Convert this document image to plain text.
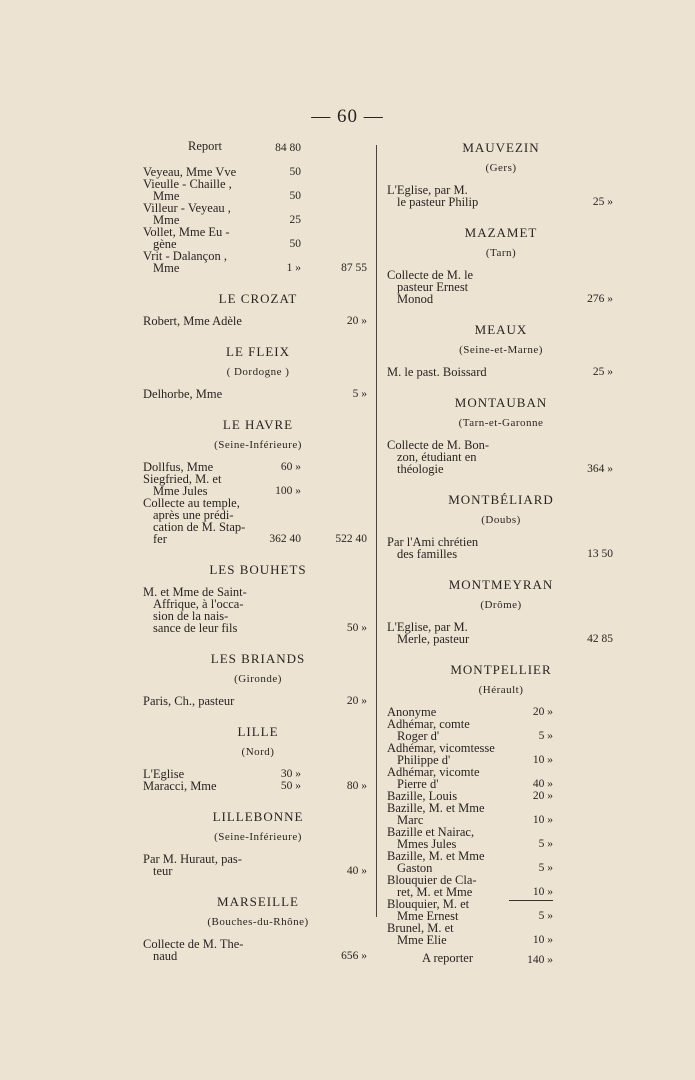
— 60 —
Report	84 80
Veyeau, Mme Vve	50
Vieulle - Chaille ,
Mme	50
Villeur - Veyeau ,
Mme	25
Vollet, Mme Eu -
gène	50
Vrit - Dalançon ,
Mme	1 »	87 55
LE CROZAT
Robert, Mme Adèle	20 »
LE FLEIX
( Dordogne )
Delhorbe, Mme	5 »
LE HAVRE
(Seine-Inférieure)
Dollfus, Mme	60 »
Siegfried, M. et
Mme Jules	100 »
Collecte au temple,
après une prédi-
cation de M. Stap-
fer	362 40	522 40
LES BOUHETS
M. et Mme de Saint-
Affrique, à l'occa-
sion de la nais-
sance de leur fils	50 »
LES BRIANDS
(Gironde)
Paris, Ch., pasteur	20 »
LILLE
(Nord)
L'Eglise	30 »
Maracci, Mme	50 »	80 »
LILLEBONNE
(Seine-Inférieure)
Par M. Huraut, pas-
teur	40 »
MARSEILLE
(Bouches-du-Rhône)
Collecte de M. The-
naud	656 »
MAUVEZIN
(Gers)
L'Eglise, par M.
le pasteur Philip	25 »
MAZAMET
(Tarn)
Collecte de M. le
pasteur Ernest
Monod	276 »
MEAUX
(Seine-et-Marne)
M. le past. Boissard	25 »
MONTAUBAN
(Tarn-et-Garonne
Collecte de M. Bon-
zon, étudiant en
théologie	364 »
MONTBÉLIARD
(Doubs)
Par l'Ami chrétien
des familles	13 50
MONTMEYRAN
(Drôme)
L'Eglise, par M.
Merle, pasteur	42 85
MONTPELLIER
(Hérault)
Anonyme	20 »
Adhémar, comte
Roger d'	5 »
Adhémar, vicomtesse
Philippe d'	10 »
Adhémar, vicomte
Pierre d'	40 »
Bazille, Louis	20 »
Bazille, M. et Mme
Marc	10 »
Bazille et Nairac,
Mmes Jules	5 »
Bazille, M. et Mme
Gaston	5 »
Blouquier de Cla-
ret, M. et Mme	10 »
Blouquier, M. et
Mme Ernest	5 »
Brunel, M. et
Mme Elie	10 »
A reporter	140 »
